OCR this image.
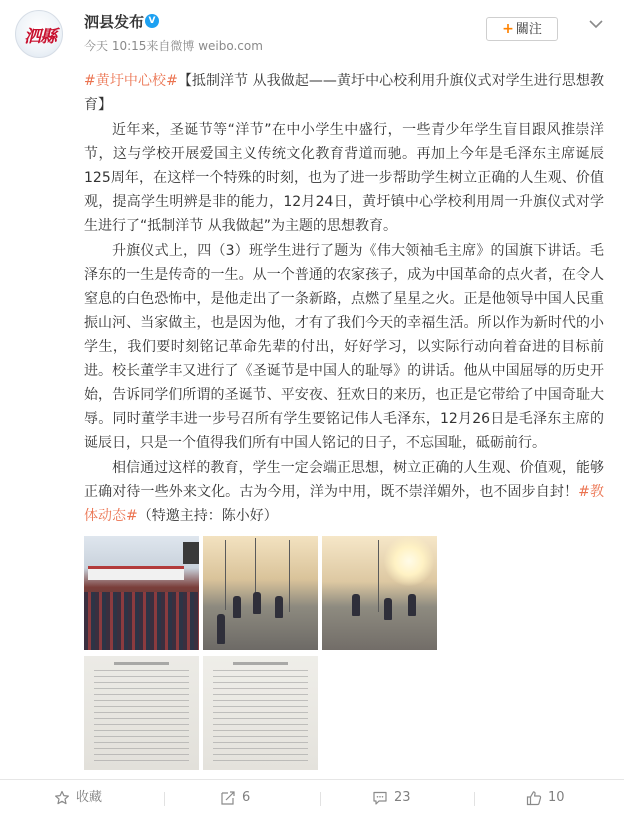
泗縣
泗县发布 V
今天 10:15来自微博 weibo.com
+ 關注

#黄圩中心校#【抵制洋节 从我做起——黄圩中心校利用升旗仪式对学生进行思想教育】

近年来，圣诞节等“洋节”在中小学生中盛行，一些青少年学生盲目跟风推崇洋节，这与学校开展爱国主义传统文化教育背道而驰。再加上今年是毛泽东主席诞辰125周年，在这样一个特殊的时刻，也为了进一步帮助学生树立正确的人生观、价值观，提高学生明辨是非的能力，12月24日，黄圩镇中心学校利用周一升旗仪式对学生进行了“抵制洋节 从我做起”为主题的思想教育。

升旗仪式上，四（3）班学生进行了题为《伟大领袖毛主席》的国旗下讲话。毛泽东的一生是传奇的一生。从一个普通的农家孩子，成为中国革命的点火者，在令人窒息的白色恐怖中，是他走出了一条新路，点燃了星星之火。正是他领导中国人民重振山河、当家做主，也是因为他，才有了我们今天的幸福生活。所以作为新时代的小学生，我们要时刻铭记革命先辈的付出，好好学习，以实际行动向着奋进的目标前进。校长董学丰又进行了《圣诞节是中国人的耻辱》的讲话。他从中国屈辱的历史开始，告诉同学们所谓的圣诞节、平安夜、狂欢日的来历，也正是它带给了中国奇耻大辱。同时董学丰进一步号召所有学生要铭记伟人毛泽东，12月26日是毛泽东主席的诞辰日，只是一个值得我们所有中国人铭记的日子，不忘国耻，砥砺前行。

相信通过这样的教育，学生一定会端正思想，树立正确的人生观、价值观，能够正确对待一些外来文化。古为今用，洋为中用，既不崇洋媚外，也不固步自封！#教体动态#（特邀主持：陈小好）

收藏	6	23	10
